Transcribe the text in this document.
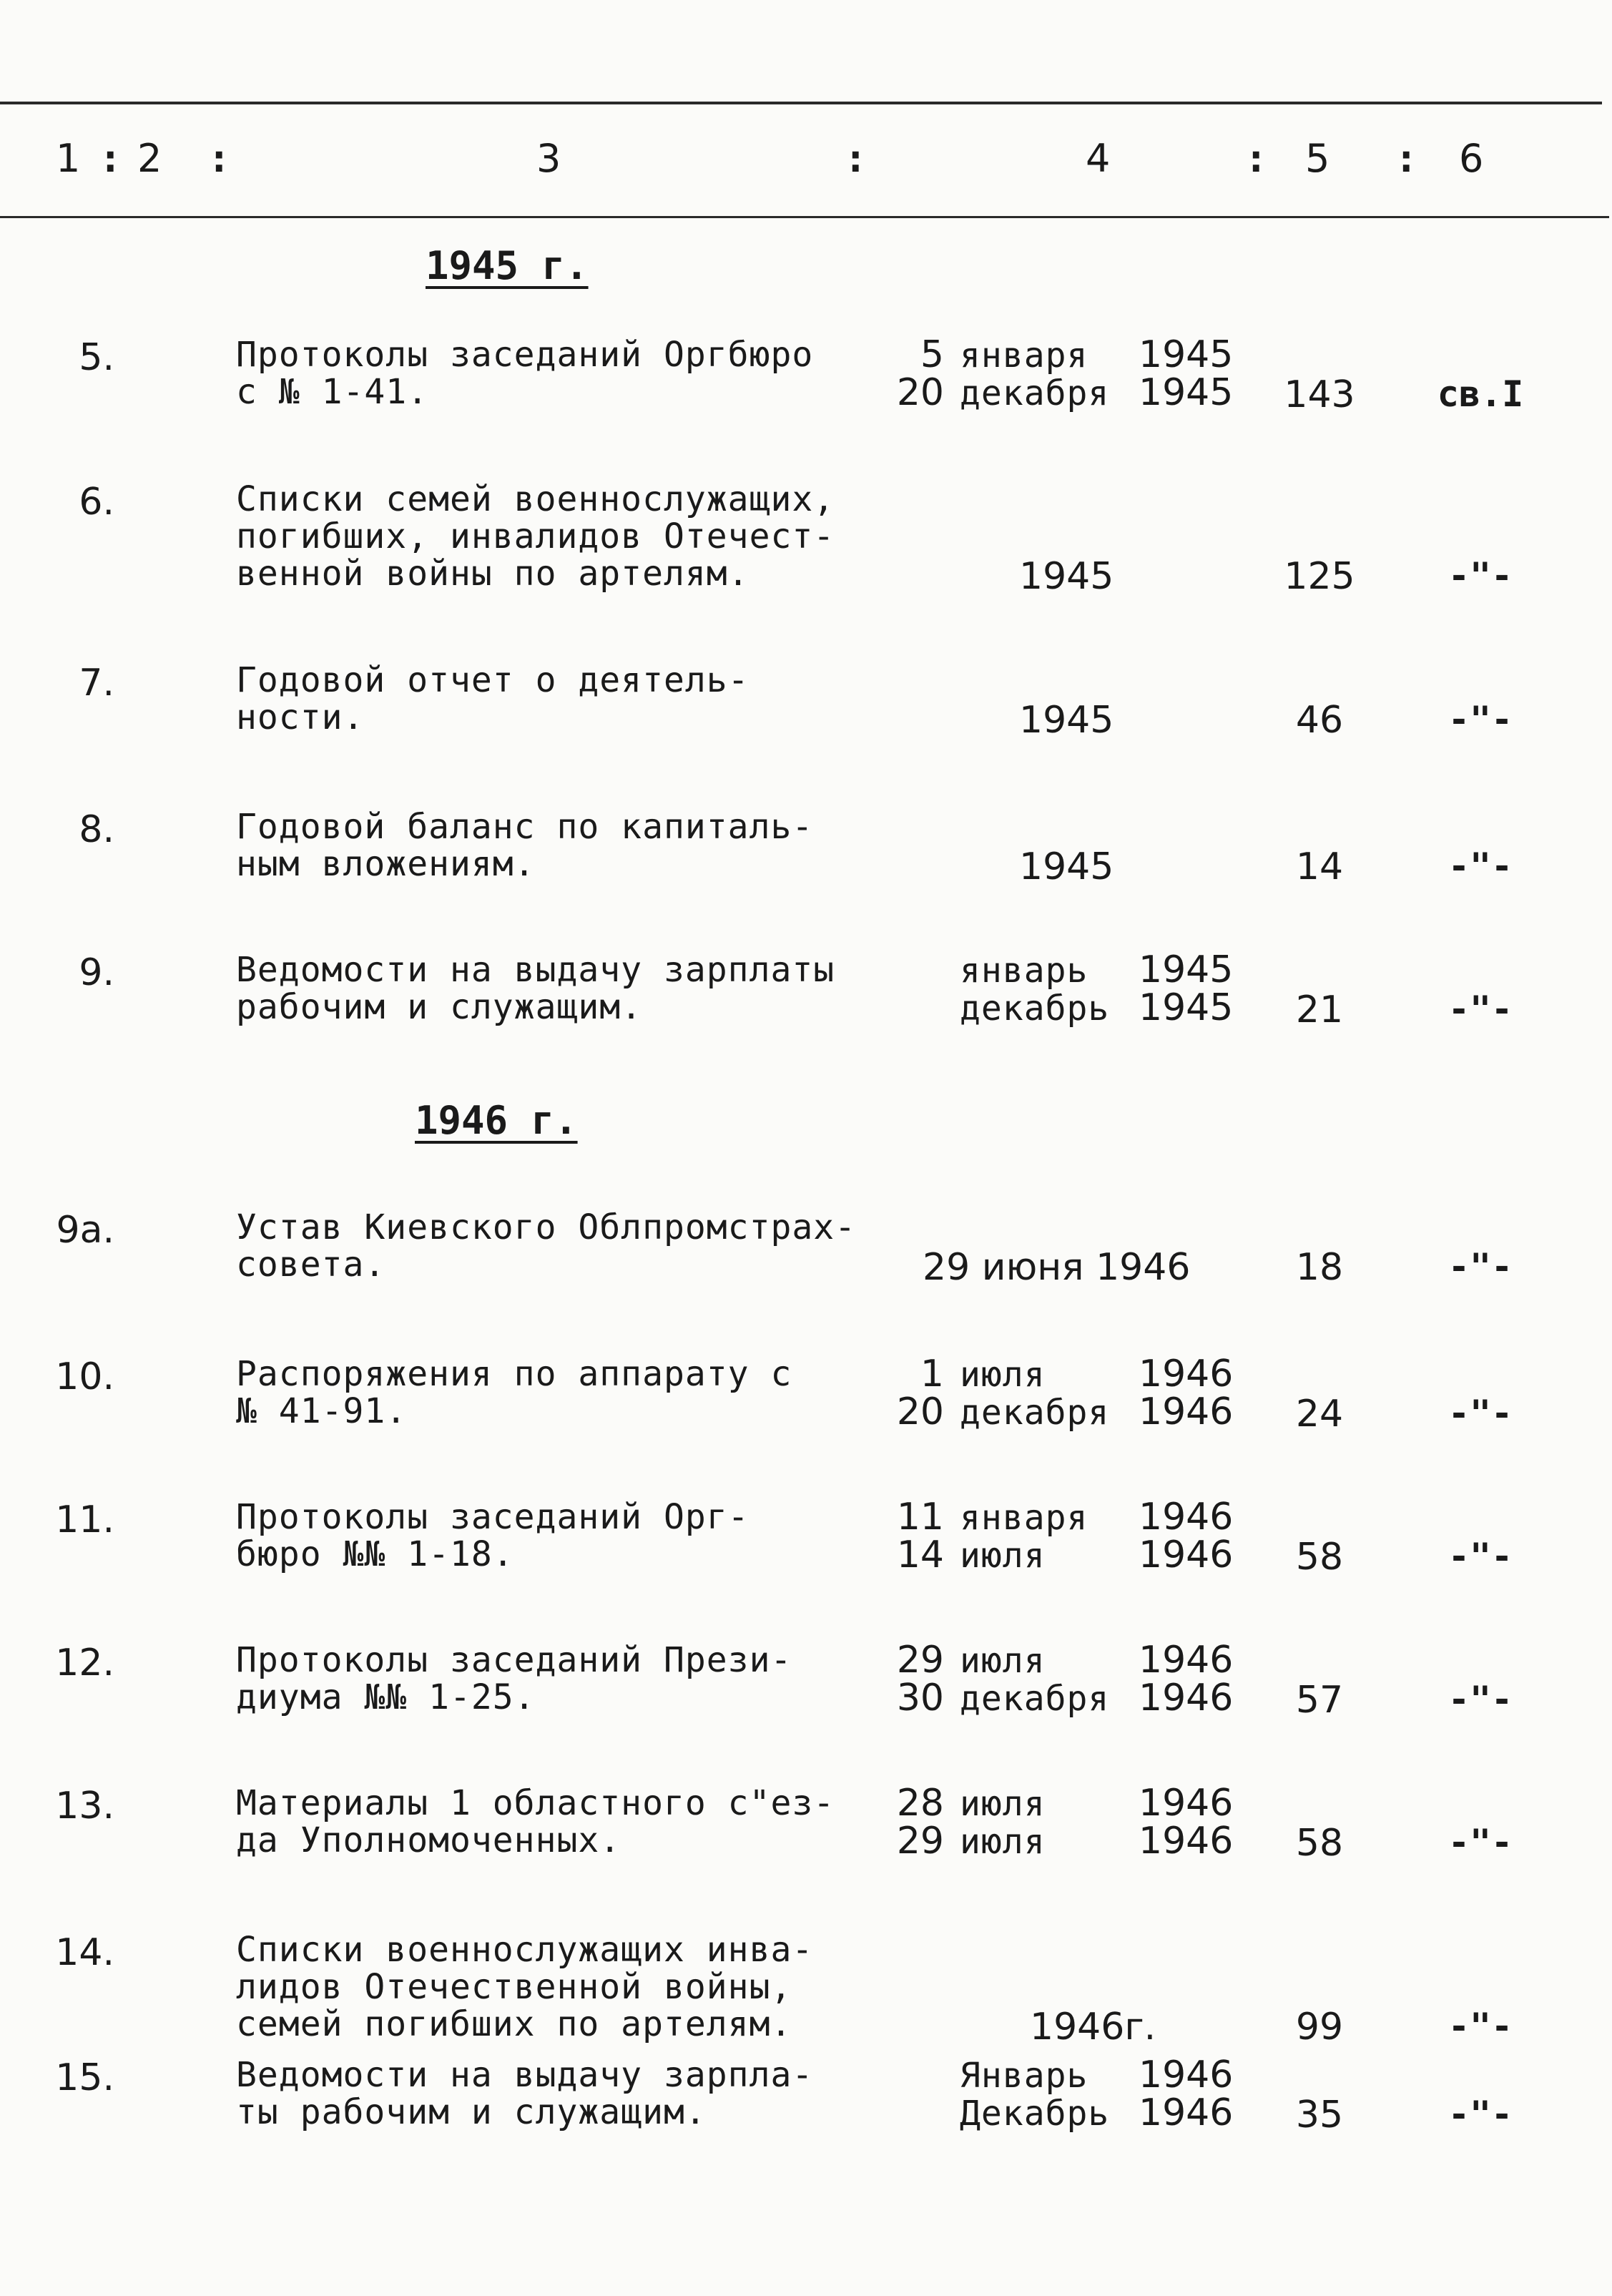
1 : 2 :	3	:	4	: 5 : 6
1945 г.
5.	Протоколы заседаний Оргбюро
с № 1-41.
5 января 1945
20 декабря 1945	143	св.I
6.	Списки семей военнослужащих,
погибших, инвалидов Отечест-
венной войны по артелям.	1945	125	-"-
7.	Годовой отчет о деятель-
ности.	1945	46	-"-
8.	Годовой баланс по капиталь-
ным вложениям.	1945	14	-"-
9.	Ведомости на выдачу зарплаты
рабочим и служащим.
январь 1945
декабрь 1945	21	-"-
1946 г.
9а.	Устав Киевского Облпромстрах-
совета.	29 июня 1946	18	-"-
10.	Распоряжения по аппарату с
№ 41-91.
1 июля	1946
20 декабря 1946	24	-"-
11.	Протоколы заседаний Орг-
бюро №№ 1-18.
11 января 1946
14 июля	1946	58	-"-
12.	Протоколы заседаний Прези-
диума №№ 1-25.
29 июля	1946
30 декабря 1946	57	-"-
13.	Материалы 1 областного с"ез-
да Уполномоченных.
28 июля	1946
29 июля	1946	58	-"-
14.	Списки военнослужащих инва-
лидов Отечественной войны,
семей погибших по артелям.	1946г.	99	-"-
15.	Ведомости на выдачу зарпла-
ты рабочим и служащим.
Январь 1946
Декабрь 1946	35	-"-
